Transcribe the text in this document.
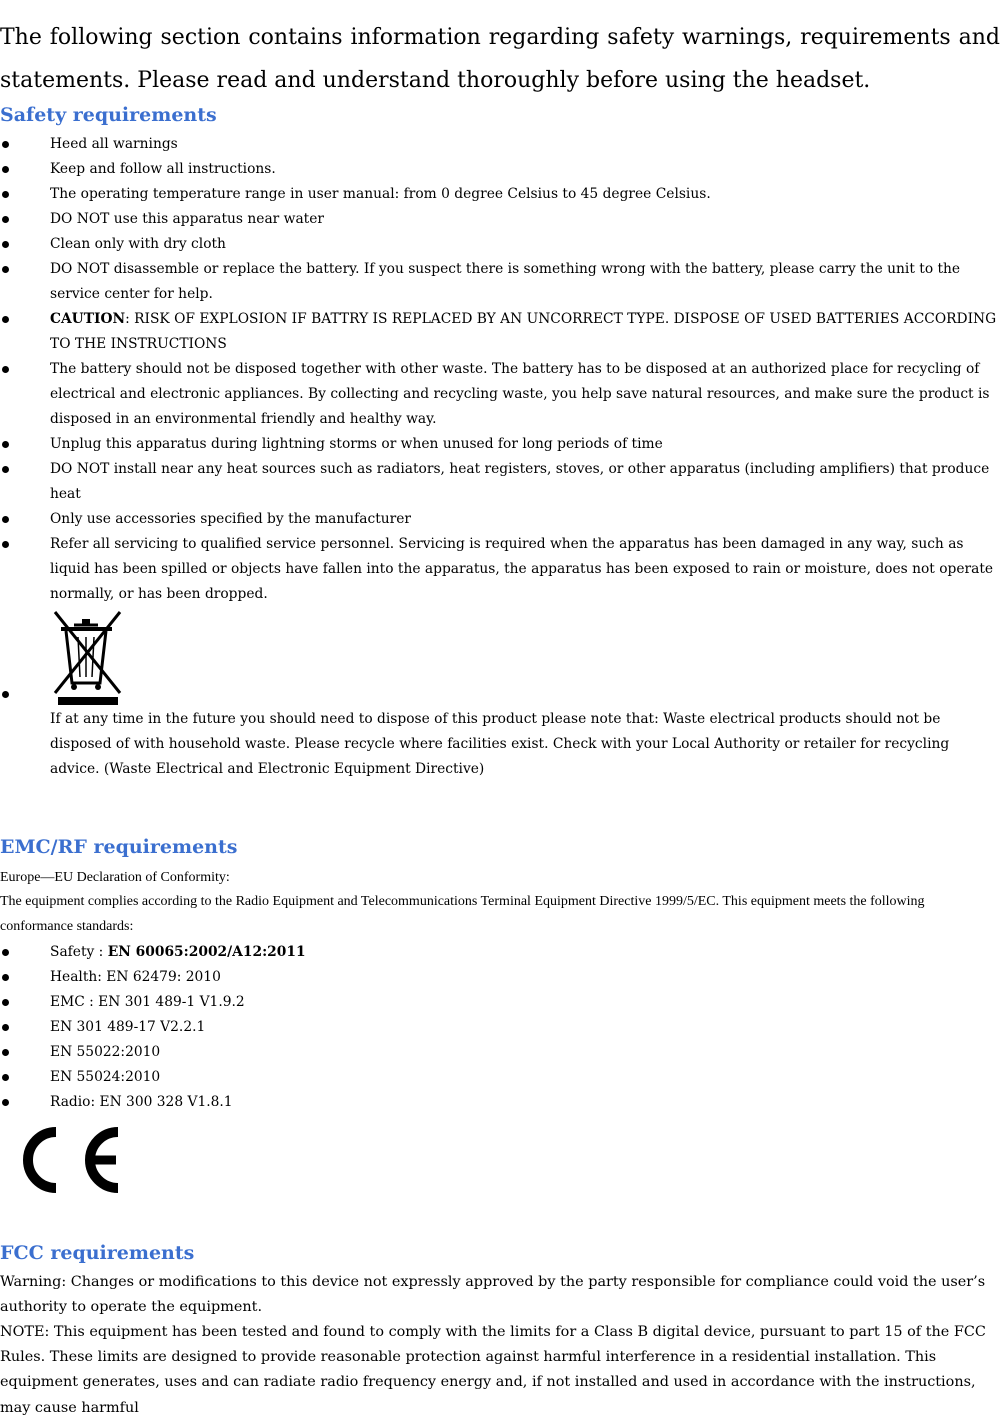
The following section contains information regarding safety warnings, requirements and statements. Please read and understand thoroughly before using the headset.

Safety requirements
Heed all warnings
Keep and follow all instructions.
The operating temperature range in user manual: from 0 degree Celsius to 45 degree Celsius.
DO NOT use this apparatus near water
Clean only with dry cloth
DO NOT disassemble or replace the battery. If you suspect there is something wrong with the battery, please carry the unit to the service center for help.
CAUTION: RISK OF EXPLOSION IF BATTRY IS REPLACED BY AN UNCORRECT TYPE. DISPOSE OF USED BATTERIES ACCORDING TO THE INSTRUCTIONS
The battery should not be disposed together with other waste. The battery has to be disposed at an authorized place for recycling of electrical and electronic appliances. By collecting and recycling waste, you help save natural resources, and make sure the product is disposed in an environmental friendly and healthy way.
Unplug this apparatus during lightning storms or when unused for long periods of time
DO NOT install near any heat sources such as radiators, heat registers, stoves, or other apparatus (including amplifiers) that produce heat
Only use accessories specified by the manufacturer
Refer all servicing to qualified service personnel. Servicing is required when the apparatus has been damaged in any way, such as liquid has been spilled or objects have fallen into the apparatus, the apparatus has been exposed to rain or moisture, does not operate normally, or has been dropped.
If at any time in the future you should need to dispose of this product please note that: Waste electrical products should not be disposed of with household waste. Please recycle where facilities exist. Check with your Local Authority or retailer for recycling advice. (Waste Electrical and Electronic Equipment Directive)
EMC/RF requirements

Europe—EU Declaration of Conformity:

The equipment complies according to the Radio Equipment and Telecommunications Terminal Equipment Directive 1999/5/EC. This equipment meets the following conformance standards:

Safety : EN 60065:2002/A12:2011
Health: EN 62479: 2010
EMC : EN 301 489-1 V1.9.2
EN 301 489-17 V2.2.1
EN 55022:2010
EN 55024:2010
Radio: EN 300 328 V1.8.1
FCC requirements

Warning: Changes or modifications to this device not expressly approved by the party responsible for compliance could void the user’s authority to operate the equipment.

NOTE: This equipment has been tested and found to comply with the limits for a Class B digital device, pursuant to part 15 of the FCC Rules. These limits are designed to provide reasonable protection against harmful interference in a residential installation. This equipment generates, uses and can radiate radio frequency energy and, if not installed and used in accordance with the instructions, may cause harmful
